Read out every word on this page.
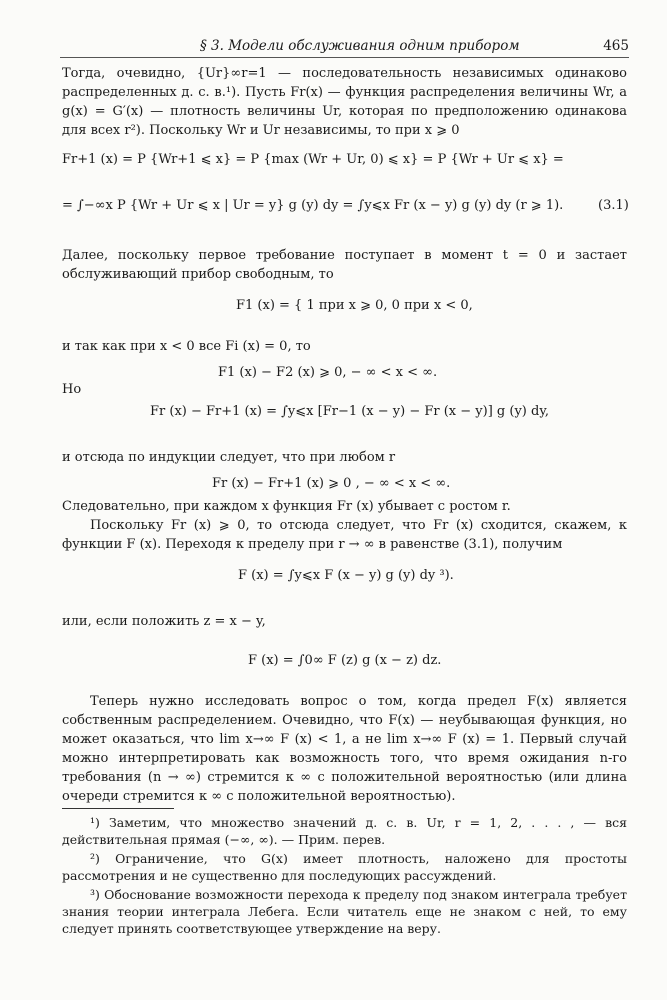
§ 3. Модели обслуживания одним прибором	465
Тогда, очевидно, {Ur}∞r=1 — последовательность независимых одинаково распределенных д. с. в.¹). Пусть Fr(x) — функция распределения величины Wr, а g(x) = G′(x) — плотность величины Ur, которая по предположению одинакова для всех r²). Поскольку Wr и Ur независимы, то при x ⩾ 0
Fr+1 (x) = P {Wr+1 ⩽ x} = P {max (Wr + Ur, 0) ⩽ x} = P {Wr + Ur ⩽ x} =
= ∫−∞x P {Wr + Ur ⩽ x | Ur = y} g (y) dy = ∫y⩽x Fr (x − y) g (y) dy (r ⩾ 1).	(3.1)
Далее, поскольку первое требование поступает в момент t = 0 и застает обслуживающий прибор свободным, то
F1 (x) = { 1 при x ⩾ 0, 0 при x < 0,
и так как при x < 0 все Fi (x) = 0, то
F1 (x) − F2 (x) ⩾ 0, − ∞ < x < ∞.
Но
Fr (x) − Fr+1 (x) = ∫y⩽x [Fr−1 (x − y) − Fr (x − y)] g (y) dy,
и отсюда по индукции следует, что при любом r
Fr (x) − Fr+1 (x) ⩾ 0 , − ∞ < x < ∞.
Следовательно, при каждом x функция Fr (x) убывает с ростом r.
Поскольку Fr (x) ⩾ 0, то отсюда следует, что Fr (x) сходится, скажем, к функции F (x). Переходя к пределу при r → ∞ в равенстве (3.1), получим
F (x) = ∫y⩽x F (x − y) g (y) dy ³).
или, если положить z = x − y,
F (x) = ∫0∞ F (z) g (x − z) dz.
Теперь нужно исследовать вопрос о том, когда предел F(x) является собственным распределением. Очевидно, что F(x) — неубывающая функция, но может оказаться, что lim x→∞ F (x) < 1, а не lim x→∞ F (x) = 1. Первый случай можно интерпретировать как возможность того, что время ожидания n-го требования (n → ∞) стремится к ∞ с положительной вероятностью (или длина очереди стремится к ∞ с положительной вероятностью).
¹) Заметим, что множество значений д. с. в. Ur, r = 1, 2, . . . , — вся действительная прямая (−∞, ∞). — Прим. перев.
²) Ограничение, что G(x) имеет плотность, наложено для простоты рассмотрения и не существенно для последующих рассуждений.
³) Обоснование возможности перехода к пределу под знаком интеграла требует знания теории интеграла Лебега. Если читатель еще не знаком с ней, то ему следует принять соответствующее утверждение на веру.
